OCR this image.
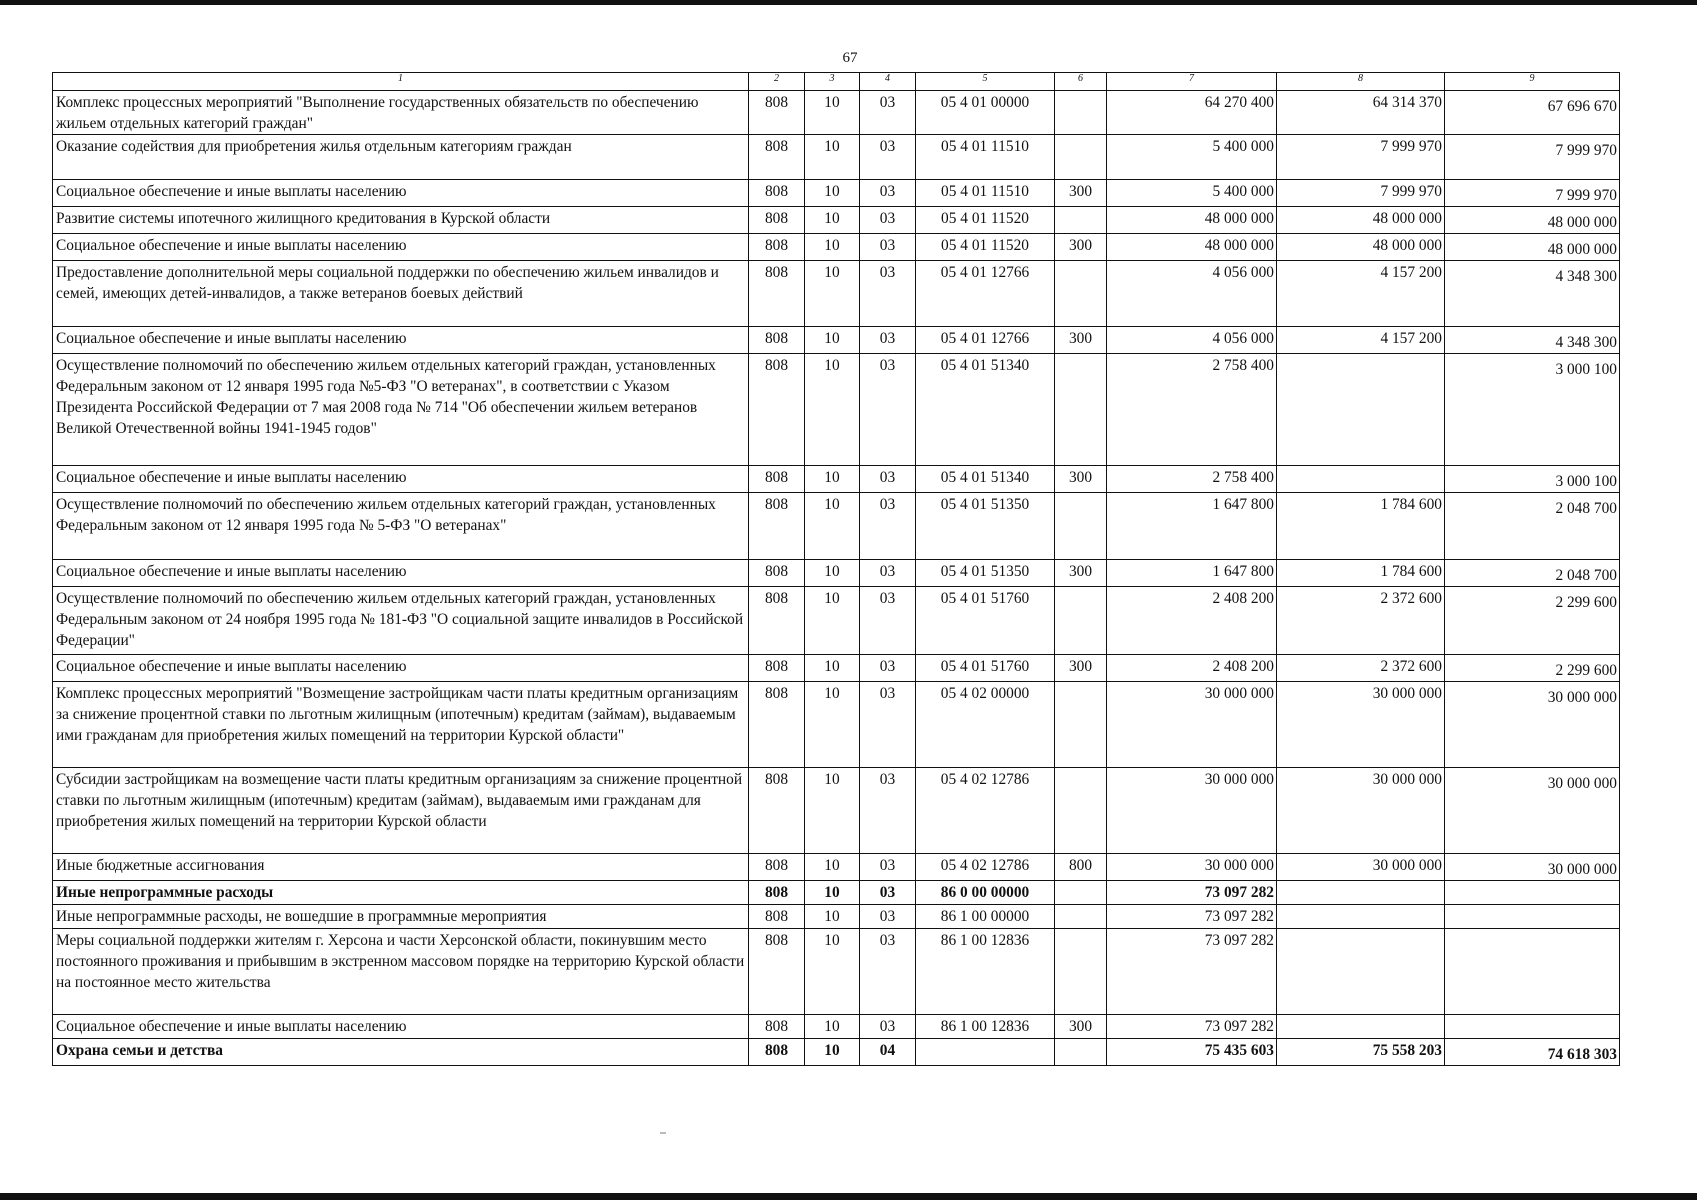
67
1	2	3	4	5	6	7	8	9
Комплекс процессных мероприятий "Выполнение государственных обязательств по обеспечению жильем отдельных категорий граждан"	808	10	03	05 4 01 00000		64 270 400	64 314 370	67 696 670
Оказание содействия для приобретения жилья отдельным категориям граждан	808	10	03	05 4 01 11510		5 400 000	7 999 970	7 999 970
Социальное обеспечение и иные выплаты населению	808	10	03	05 4 01 11510	300	5 400 000	7 999 970	7 999 970
Развитие системы ипотечного жилищного кредитования в Курской области	808	10	03	05 4 01 11520		48 000 000	48 000 000	48 000 000
Социальное обеспечение и иные выплаты населению	808	10	03	05 4 01 11520	300	48 000 000	48 000 000	48 000 000
Предоставление дополнительной меры социальной поддержки по обеспечению жильем инвалидов и семей, имеющих детей-инвалидов, а также ветеранов боевых действий	808	10	03	05 4 01 12766		4 056 000	4 157 200	4 348 300
Социальное обеспечение и иные выплаты населению	808	10	03	05 4 01 12766	300	4 056 000	4 157 200	4 348 300
Осуществление полномочий по обеспечению жильем отдельных категорий граждан, установленных Федеральным законом от 12 января 1995 года №5-ФЗ "О ветеранах", в соответствии с Указом Президента Российской Федерации от 7 мая 2008 года № 714 "Об обеспечении жильем ветеранов Великой Отечественной войны 1941-1945 годов"	808	10	03	05 4 01 51340		2 758 400		3 000 100
Социальное обеспечение и иные выплаты населению	808	10	03	05 4 01 51340	300	2 758 400		3 000 100
Осуществление полномочий по обеспечению жильем отдельных категорий граждан, установленных Федеральным законом от 12 января 1995 года № 5-ФЗ "О ветеранах"	808	10	03	05 4 01 51350		1 647 800	1 784 600	2 048 700
Социальное обеспечение и иные выплаты населению	808	10	03	05 4 01 51350	300	1 647 800	1 784 600	2 048 700
Осуществление полномочий по обеспечению жильем отдельных категорий граждан, установленных Федеральным законом от 24 ноября 1995 года № 181-ФЗ "О социальной защите инвалидов в Российской Федерации"	808	10	03	05 4 01 51760		2 408 200	2 372 600	2 299 600
Социальное обеспечение и иные выплаты населению	808	10	03	05 4 01 51760	300	2 408 200	2 372 600	2 299 600
Комплекс процессных мероприятий "Возмещение застройщикам части платы кредитным организациям за снижение процентной ставки по льготным жилищным (ипотечным) кредитам (займам), выдаваемым ими гражданам для приобретения жилых помещений на территории Курской области"	808	10	03	05 4 02 00000		30 000 000	30 000 000	30 000 000
Субсидии застройщикам на возмещение части платы кредитным организациям за снижение процентной ставки по льготным жилищным (ипотечным) кредитам (займам), выдаваемым ими гражданам для приобретения жилых помещений на территории Курской области	808	10	03	05 4 02 12786		30 000 000	30 000 000	30 000 000
Иные бюджетные ассигнования	808	10	03	05 4 02 12786	800	30 000 000	30 000 000	30 000 000
Иные непрограммные расходы	808	10	03	86 0 00 00000		73 097 282		
Иные непрограммные расходы, не вошедшие в программные мероприятия	808	10	03	86 1 00 00000		73 097 282		
Меры социальной поддержки жителям г. Херсона и части Херсонской области, покинувшим место постоянного проживания и прибывшим в экстренном массовом порядке на территорию Курской области на постоянное место жительства	808	10	03	86 1 00 12836		73 097 282		
Социальное обеспечение и иные выплаты населению	808	10	03	86 1 00 12836	300	73 097 282		
Охрана семьи и детства	808	10	04			75 435 603	75 558 203	74 618 303
